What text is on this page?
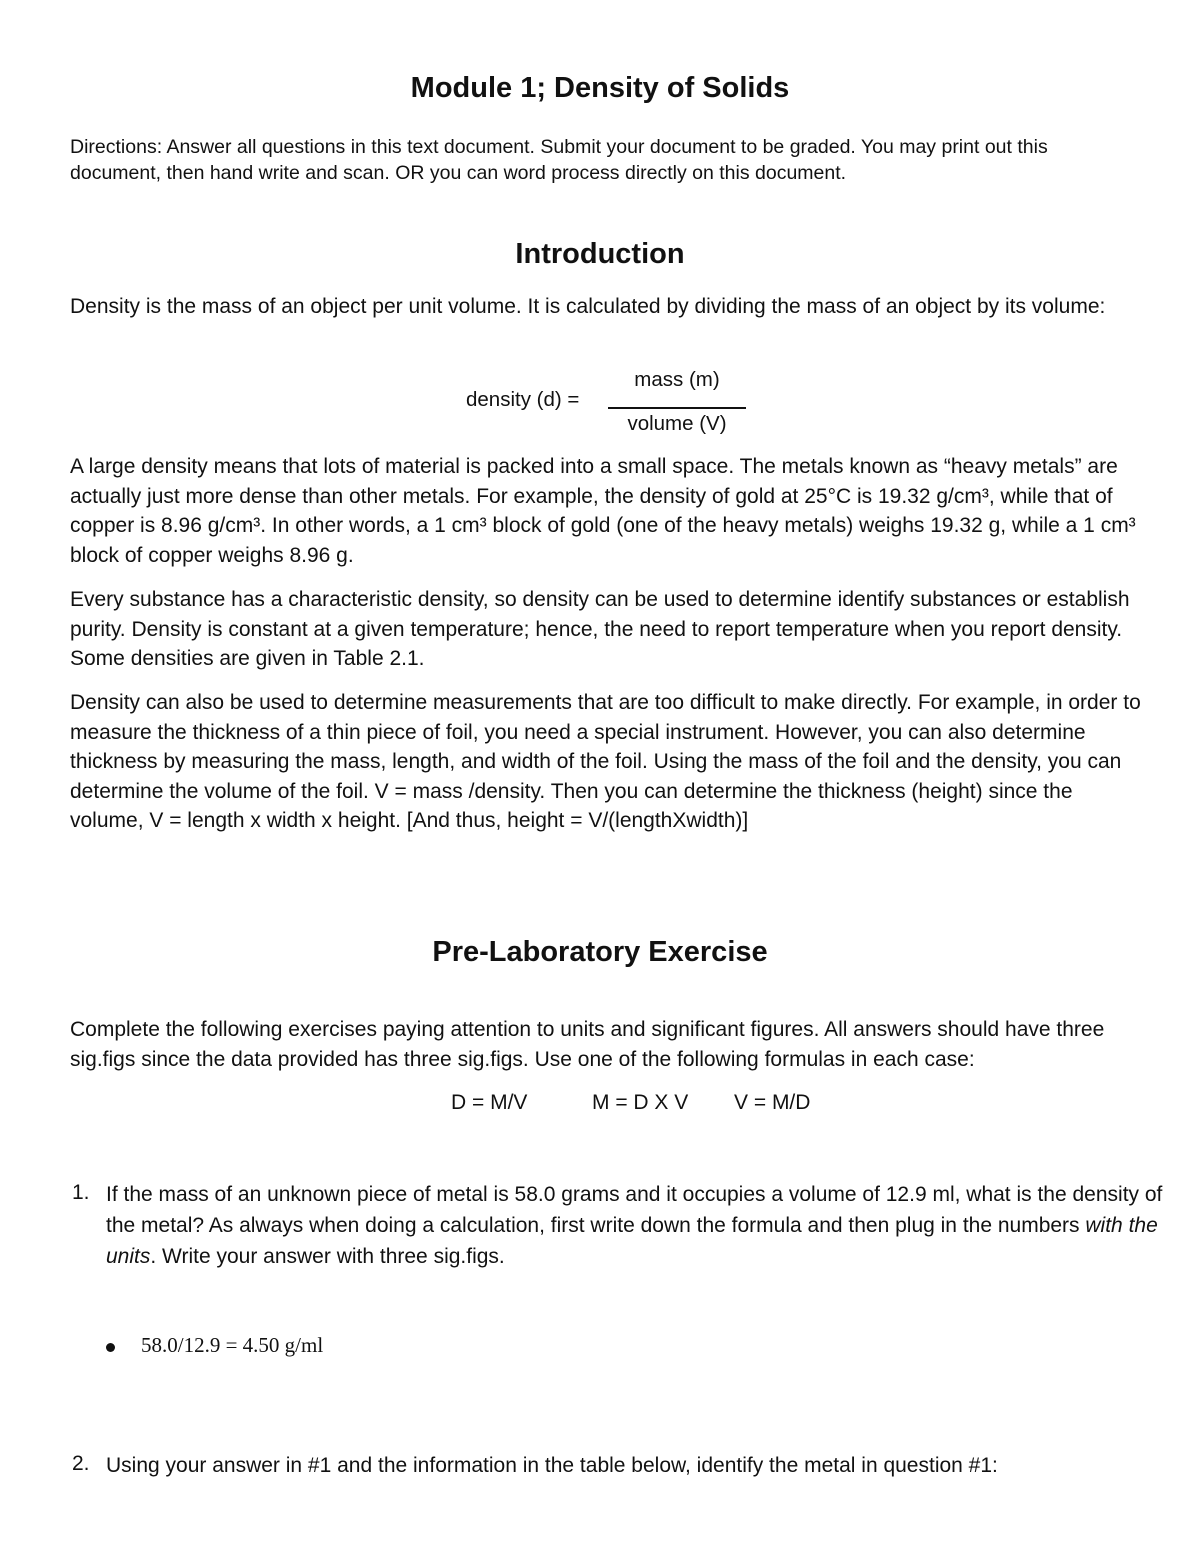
Module 1; Density of Solids
Directions: Answer all questions in this text document. Submit your document to be graded. You may print out this document, then hand write and scan. OR you can word process directly on this document.
Introduction
Density is the mass of an object per unit volume. It is calculated by dividing the mass of an object by its volume:
density (d) =
mass (m)
volume (V)
A large density means that lots of material is packed into a small space. The metals known as “heavy metals” are actually just more dense than other metals. For example, the density of gold at 25°C is 19.32 g/cm³, while that of copper is 8.96 g/cm³. In other words, a 1 cm³ block of gold (one of the heavy metals) weighs 19.32 g, while a 1 cm³ block of copper weighs 8.96 g.
Every substance has a characteristic density, so density can be used to determine identify substances or establish purity. Density is constant at a given temperature; hence, the need to report temperature when you report density. Some densities are given in Table 2.1.
Density can also be used to determine measurements that are too difficult to make directly. For example, in order to measure the thickness of a thin piece of foil, you need a special instrument. However, you can also determine thickness by measuring the mass, length, and width of the foil. Using the mass of the foil and the density, you can determine the volume of the foil. V = mass /density. Then you can determine the thickness (height) since the volume, V = length x width x height. [And thus, height = V/(lengthXwidth)]
Pre-Laboratory Exercise
Complete the following exercises paying attention to units and significant figures. All answers should have three sig.figs since the data provided has three sig.figs. Use one of the following formulas in each case:
D = M/V	M = D X V V = M/D
1. If the mass of an unknown piece of metal is 58.0 grams and it occupies a volume of 12.9 ml, what is the density of the metal? As always when doing a calculation, first write down the formula and then plug in the numbers with the units. Write your answer with three sig.figs.
58.0/12.9 = 4.50 g/ml
2. Using your answer in #1 and the information in the table below, identify the metal in question #1:
